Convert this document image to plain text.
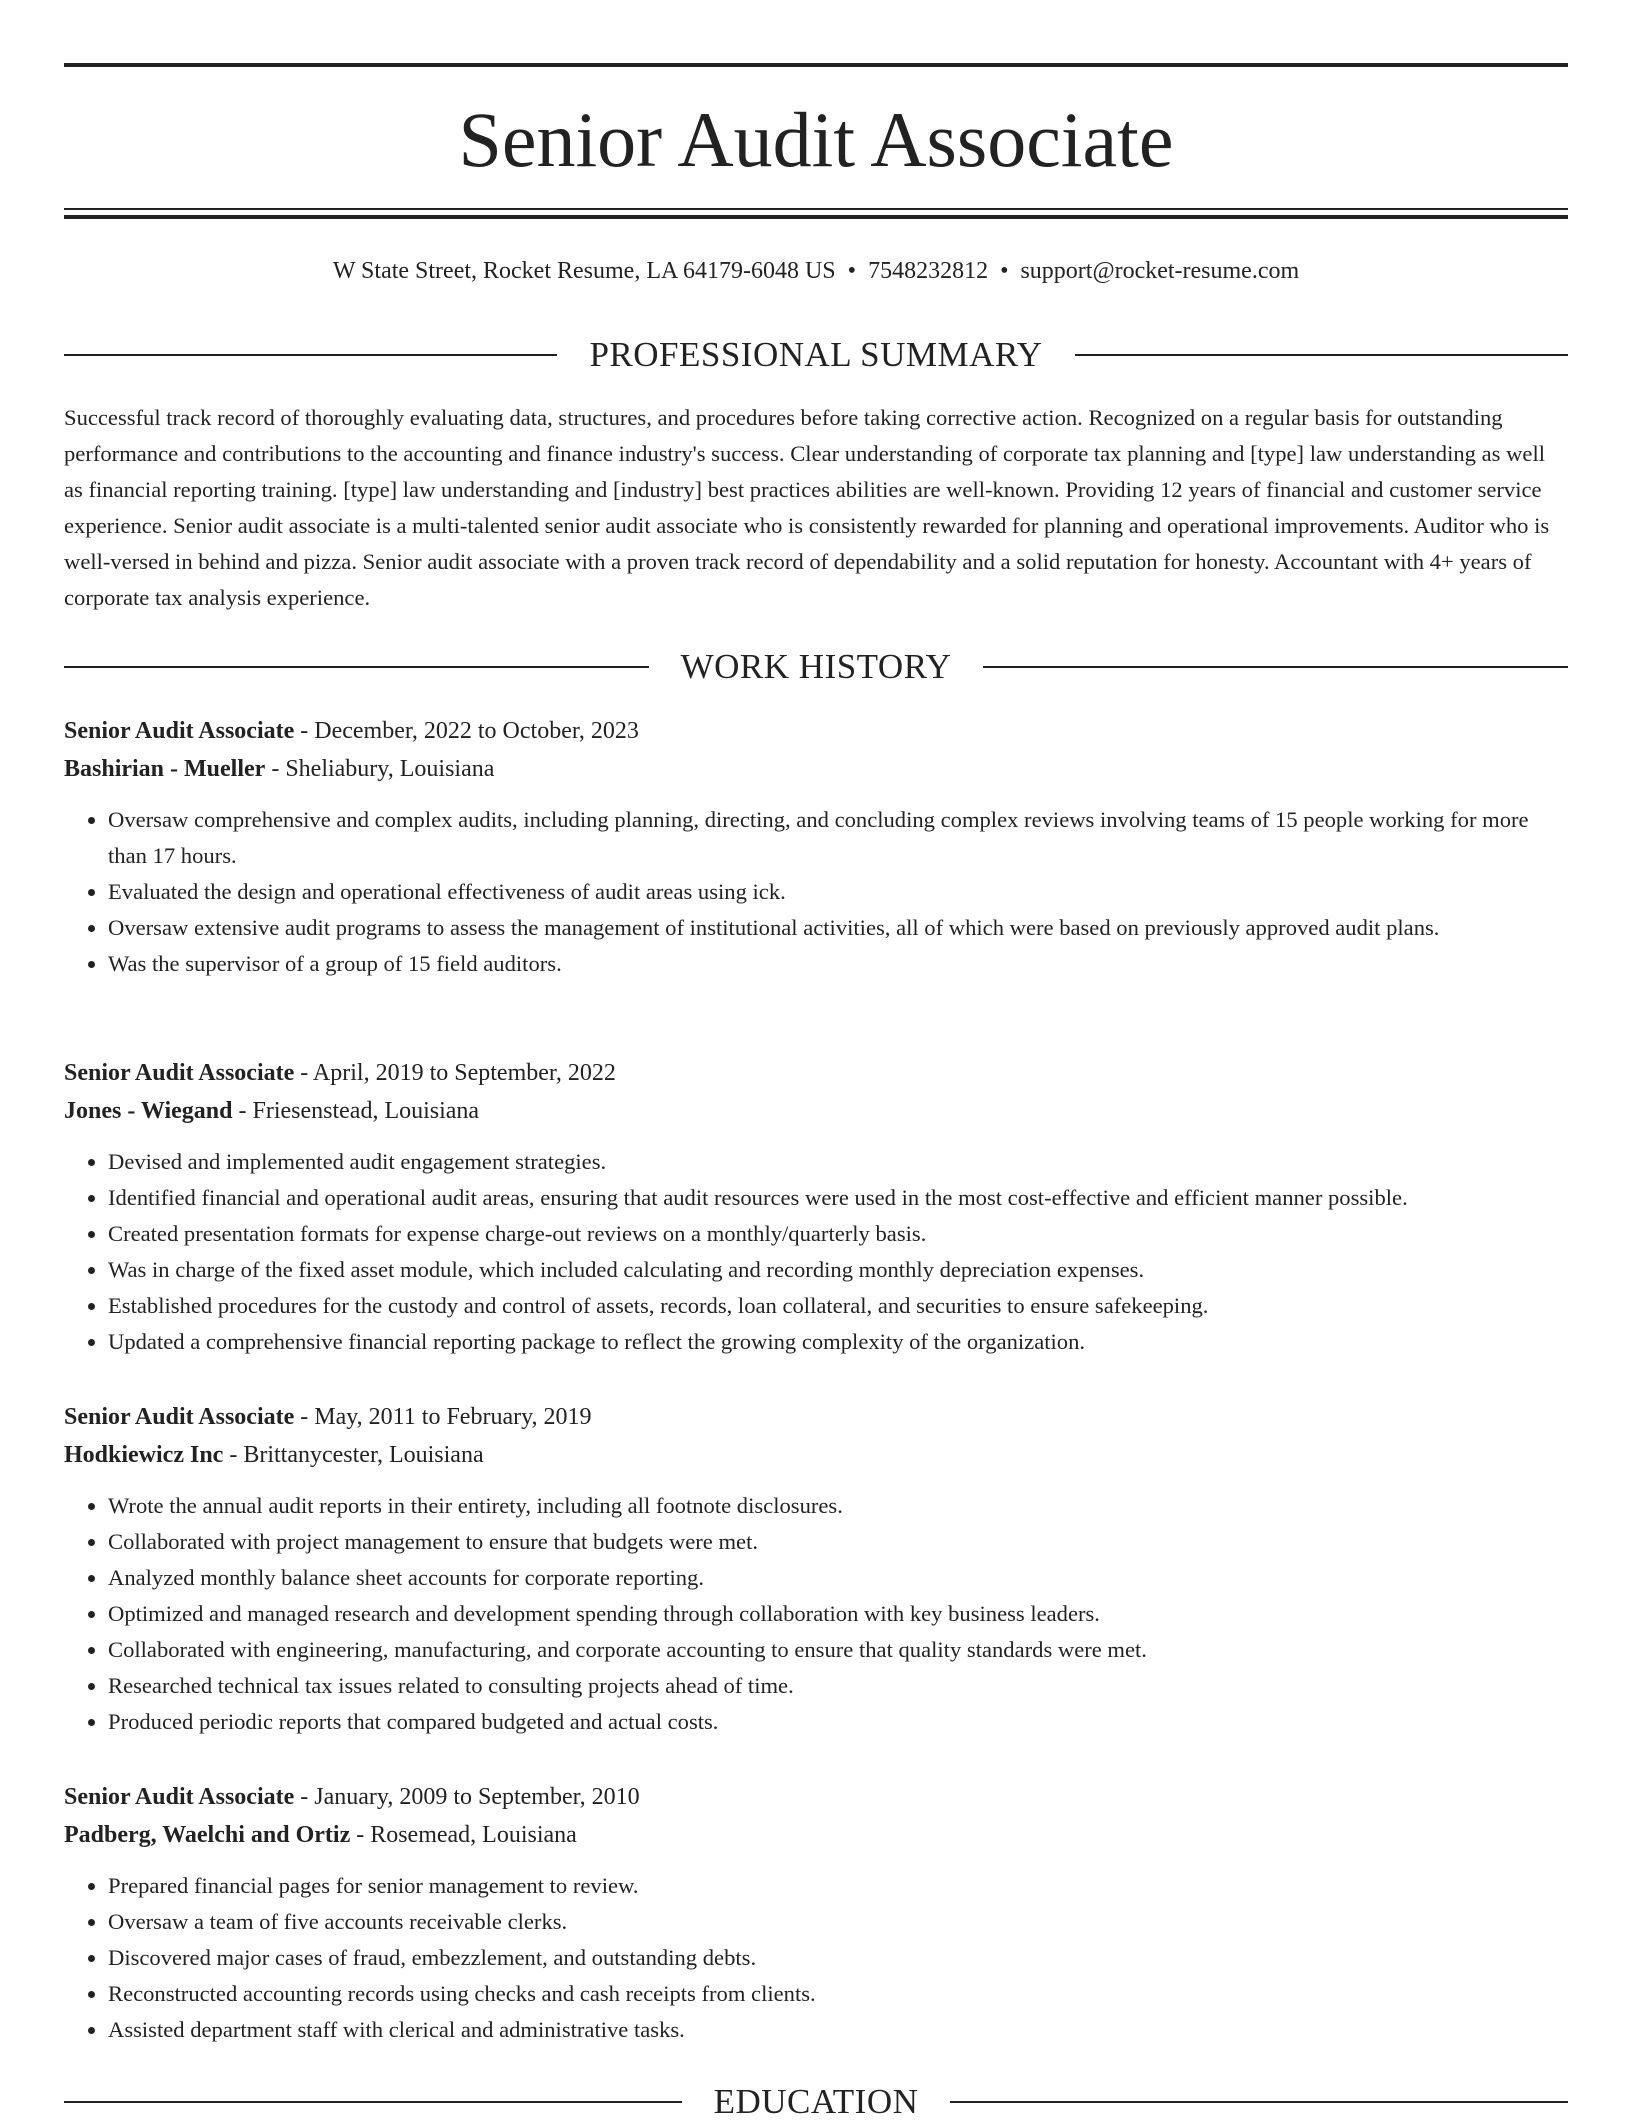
Senior Audit Associate
W State Street, Rocket Resume, LA 64179-6048 US • 7548232812 • support@rocket-resume.com
PROFESSIONAL SUMMARY

Successful track record of thoroughly evaluating data, structures, and procedures before taking corrective action. Recognized on a regular basis for outstanding performance and contributions to the accounting and finance industry's success. Clear understanding of corporate tax planning and [type] law understanding as well as financial reporting training. [type] law understanding and [industry] best practices abilities are well-known. Providing 12 years of financial and customer service experience. Senior audit associate is a multi-talented senior audit associate who is consistently rewarded for planning and operational improvements. Auditor who is well-versed in behind and pizza. Senior audit associate with a proven track record of dependability and a solid reputation for honesty. Accountant with 4+ years of corporate tax analysis experience.

WORK HISTORY
Senior Audit Associate - December, 2022 to October, 2023
Bashirian - Mueller - Sheliabury, Louisiana
• Oversaw comprehensive and complex audits, including planning, directing, and concluding complex reviews involving teams of 15 people working for more than 17 hours.
• Evaluated the design and operational effectiveness of audit areas using ick.
• Oversaw extensive audit programs to assess the management of institutional activities, all of which were based on previously approved audit plans.
• Was the supervisor of a group of 15 field auditors.
Senior Audit Associate - April, 2019 to September, 2022
Jones - Wiegand - Friesenstead, Louisiana
• Devised and implemented audit engagement strategies.
• Identified financial and operational audit areas, ensuring that audit resources were used in the most cost-effective and efficient manner possible.
• Created presentation formats for expense charge-out reviews on a monthly/quarterly basis.
• Was in charge of the fixed asset module, which included calculating and recording monthly depreciation expenses.
• Established procedures for the custody and control of assets, records, loan collateral, and securities to ensure safekeeping.
• Updated a comprehensive financial reporting package to reflect the growing complexity of the organization.
Senior Audit Associate - May, 2011 to February, 2019
Hodkiewicz Inc - Brittanycester, Louisiana
• Wrote the annual audit reports in their entirety, including all footnote disclosures.
• Collaborated with project management to ensure that budgets were met.
• Analyzed monthly balance sheet accounts for corporate reporting.
• Optimized and managed research and development spending through collaboration with key business leaders.
• Collaborated with engineering, manufacturing, and corporate accounting to ensure that quality standards were met.
• Researched technical tax issues related to consulting projects ahead of time.
• Produced periodic reports that compared budgeted and actual costs.
Senior Audit Associate - January, 2009 to September, 2010
Padberg, Waelchi and Ortiz - Rosemead, Louisiana
• Prepared financial pages for senior management to review.
• Oversaw a team of five accounts receivable clerks.
• Discovered major cases of fraud, embezzlement, and outstanding debts.
• Reconstructed accounting records using checks and cash receipts from clients.
• Assisted department staff with clerical and administrative tasks.
EDUCATION
